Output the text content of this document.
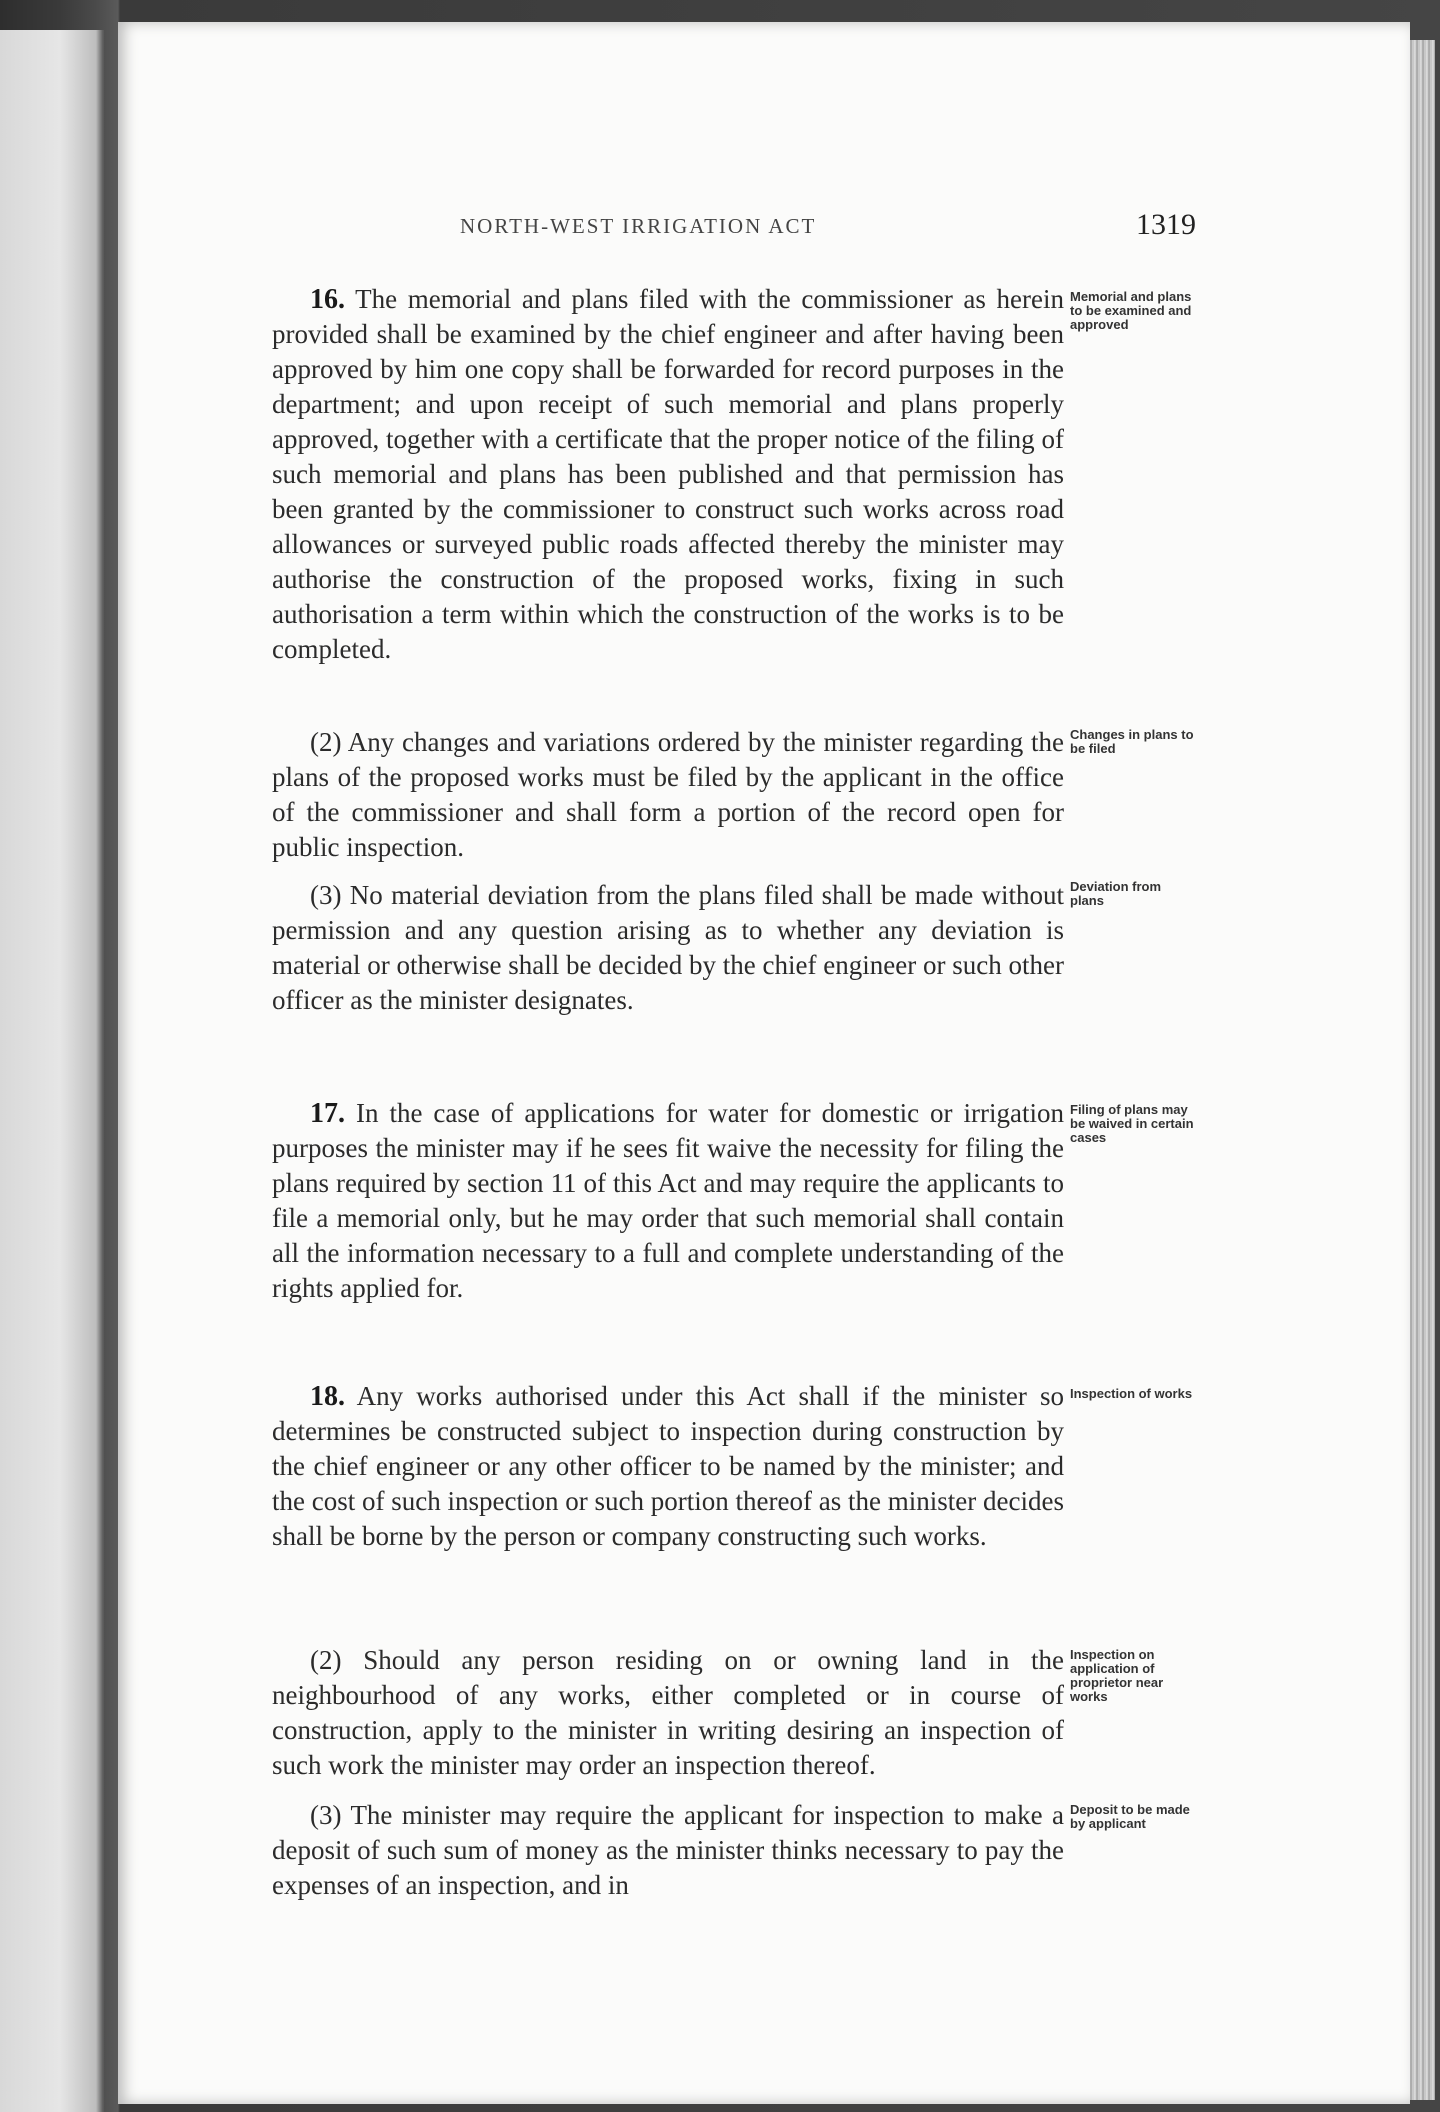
NORTH-WEST IRRIGATION ACT	1319

16. The memorial and plans filed with the commissioner as herein provided shall be examined by the chief engineer and after having been approved by him one copy shall be forwarded for record purposes in the department; and upon receipt of such memorial and plans properly approved, together with a certificate that the proper notice of the filing of such memorial and plans has been published and that permission has been granted by the commissioner to construct such works across road allowances or surveyed public roads affected thereby the minister may authorise the construction of the proposed works, fixing in such authorisation a term within which the construction of the works is to be completed.

Memorial and plans to be examined and approved

(2) Any changes and variations ordered by the minister regarding the plans of the proposed works must be filed by the applicant in the office of the commissioner and shall form a portion of the record open for public inspection.

Changes in plans to be filed

(3) No material deviation from the plans filed shall be made without permission and any question arising as to whether any deviation is material or otherwise shall be decided by the chief engineer or such other officer as the minister designates.

Deviation from plans

17. In the case of applications for water for domestic or irrigation purposes the minister may if he sees fit waive the necessity for filing the plans required by section 11 of this Act and may require the applicants to file a memorial only, but he may order that such memorial shall contain all the information necessary to a full and complete understanding of the rights applied for.

Filing of plans may be waived in certain cases

18. Any works authorised under this Act shall if the minister so determines be constructed subject to inspection during construction by the chief engineer or any other officer to be named by the minister; and the cost of such inspection or such portion thereof as the minister decides shall be borne by the person or company constructing such works.

Inspection of works

(2) Should any person residing on or owning land in the neighbourhood of any works, either completed or in course of construction, apply to the minister in writing desiring an inspection of such work the minister may order an inspection thereof.

Inspection on application of proprietor near works

(3) The minister may require the applicant for inspection to make a deposit of such sum of money as the minister thinks necessary to pay the expenses of an inspection, and in

Deposit to be made by applicant
